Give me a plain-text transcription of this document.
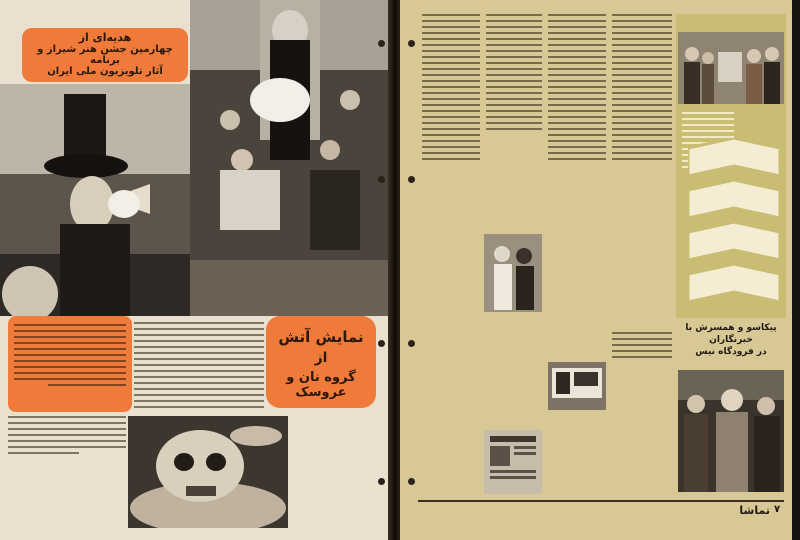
هدیه‌ای از
چهارمین جشن هنر شیراز و برنامه
آثار تلویزیون ملی ایران
نمایش آتش
از
گروه نان و عروسک
پیکاسو و همسرش با خبرنگاران
در فرودگاه نیس
تماشا ۷
